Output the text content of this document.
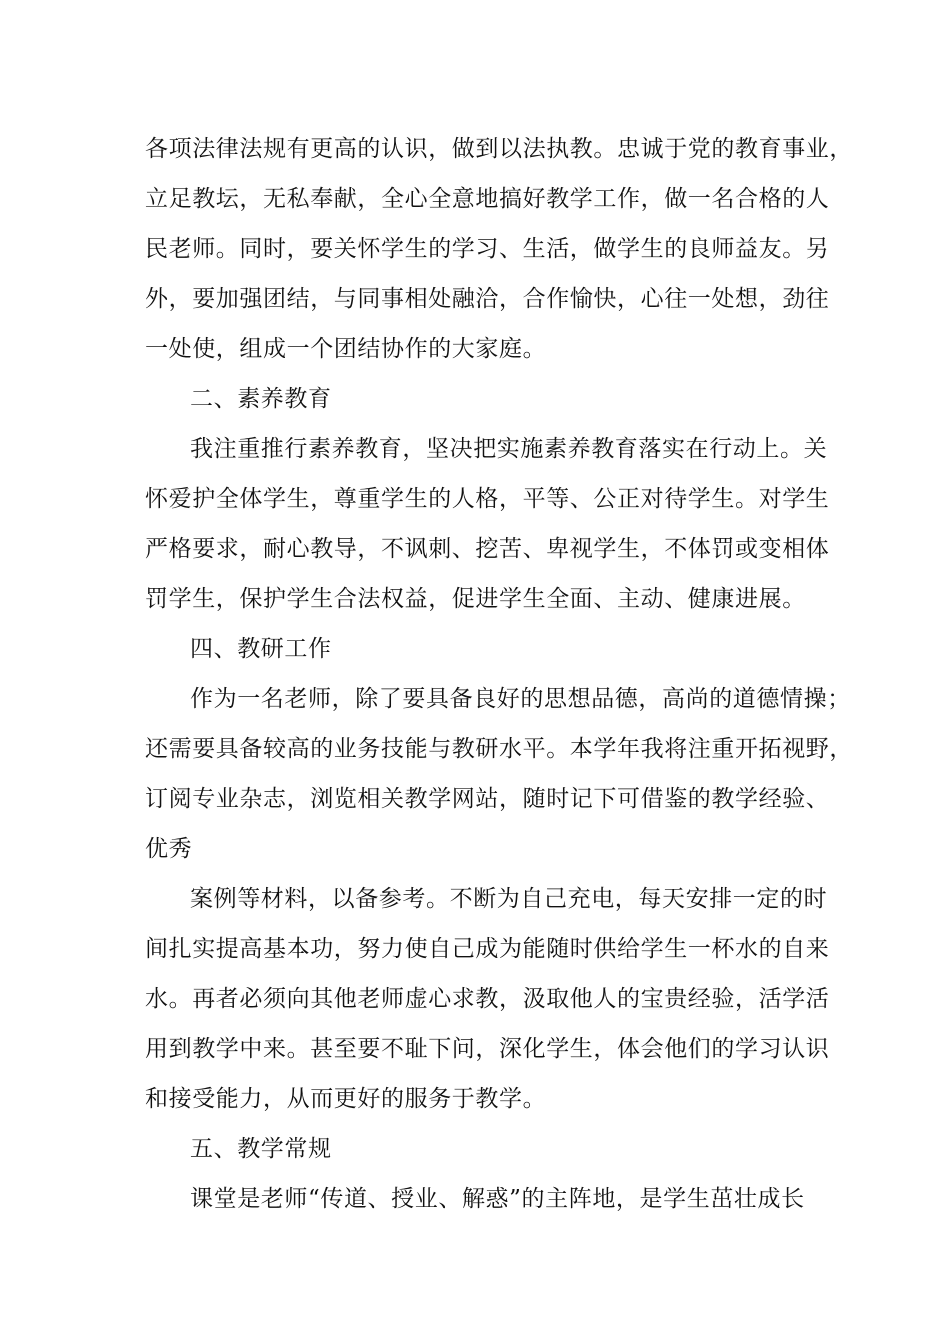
各项法律法规有更高的认识，做到以法执教。忠诚于党的教育事业，
立足教坛，无私奉献，全心全意地搞好教学工作，做一名合格的人
民老师。同时，要关怀学生的学习、生活，做学生的良师益友。另
外，要加强团结，与同事相处融洽，合作愉快，心往一处想，劲往
一处使，组成一个团结协作的大家庭。
二、素养教育
我注重推行素养教育，坚决把实施素养教育落实在行动上。关
怀爱护全体学生，尊重学生的人格，平等、公正对待学生。对学生
严格要求，耐心教导，不讽刺、挖苦、卑视学生，不体罚或变相体
罚学生，保护学生合法权益，促进学生全面、主动、健康进展。
四、教研工作
作为一名老师，除了要具备良好的思想品德，高尚的道德情操；
还需要具备较高的业务技能与教研水平。本学年我将注重开拓视野，
订阅专业杂志，浏览相关教学网站，随时记下可借鉴的教学经验、
优秀
案例等材料，以备参考。不断为自己充电，每天安排一定的时
间扎实提高基本功，努力使自己成为能随时供给学生一杯水的自来
水。再者必须向其他老师虚心求教，汲取他人的宝贵经验，活学活
用到教学中来。甚至要不耻下问，深化学生，体会他们的学习认识
和接受能力，从而更好的服务于教学。
五、教学常规
课堂是老师“传道、授业、解惑”的主阵地，是学生茁壮成长
